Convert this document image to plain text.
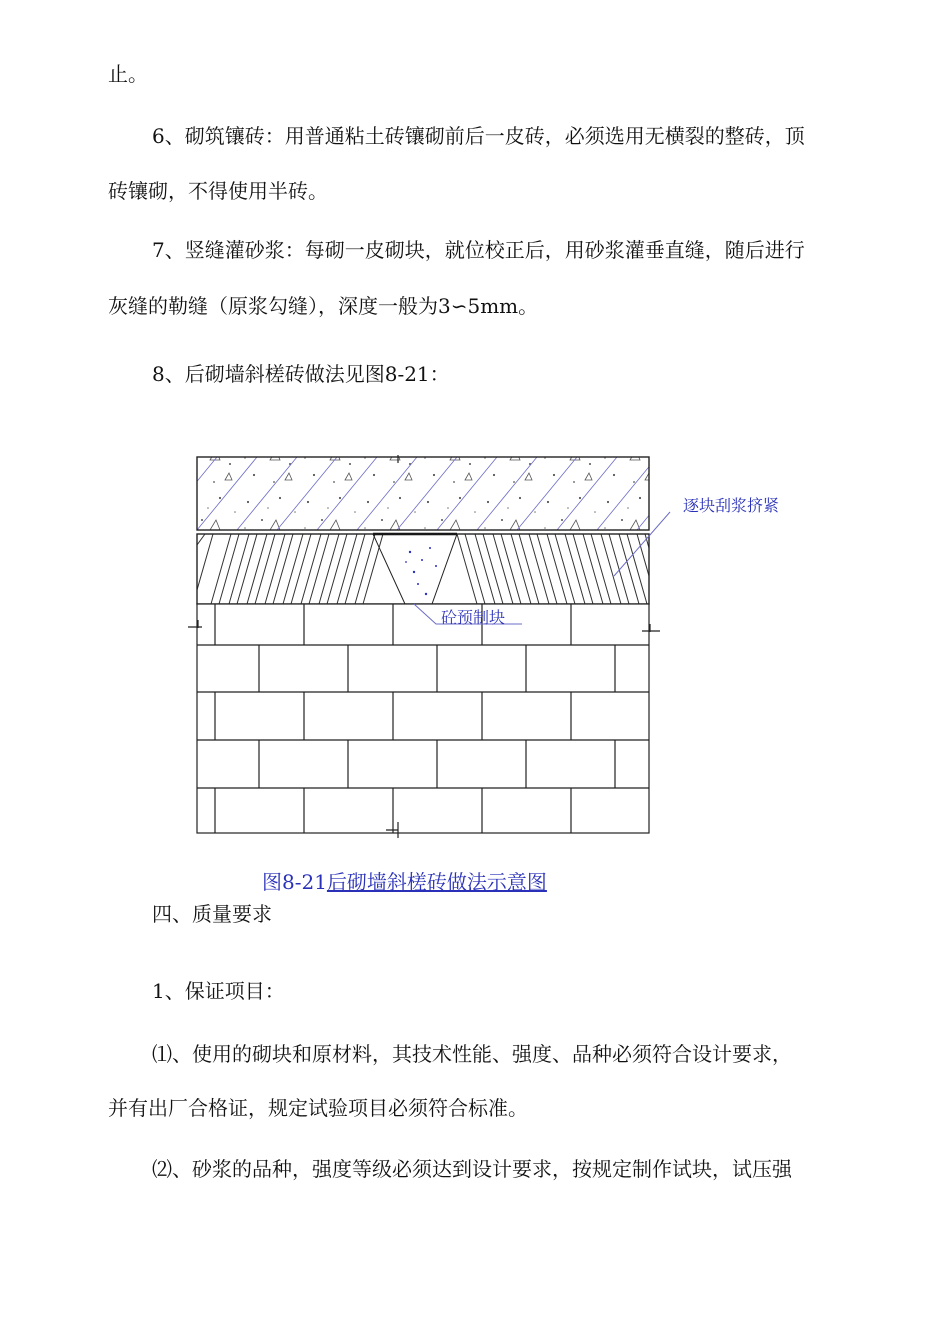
止。

6、砌筑镶砖：用普通粘土砖镶砌前后一皮砖，必须选用无横裂的整砖，顶

砖镶砌，不得使用半砖。

7、竖缝灌砂浆：每砌一皮砌块，就位校正后，用砂浆灌垂直缝，随后进行

灰缝的勒缝（原浆勾缝），深度一般为3∽5mm。

8、后砌墙斜槎砖做法见图8-21：

逐块刮浆挤紧
砼预制块
图8-21后砌墙斜槎砖做法示意图

四、质量要求

1、保证项目：

⑴、使用的砌块和原材料，其技术性能、强度、品种必须符合设计要求，

并有出厂合格证，规定试验项目必须符合标准。

⑵、砂浆的品种，强度等级必须达到设计要求，按规定制作试块，试压强
